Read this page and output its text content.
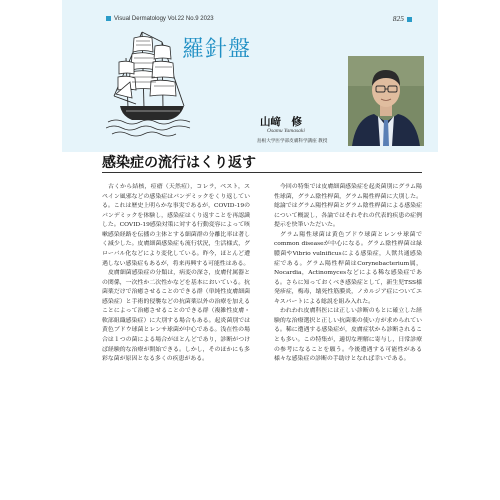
Visual Dermatology Vol.22 No.9 2023	825
羅針盤
山﨑　修
Osamu Yamasaki
島根大学医学部皮膚科学講座 教授
感染症の流行はくり返す

古くから結核，痘瘡（天然痘），コレラ，ペスト，スペイン風邪などの感染症はパンデミックをくり返している。これは歴史上明らかな事実であるが，COVID-19のパンデミックを体験し，感染症はくり返すことを再認識した。COVID-19感染対策に対する行動変容によって咳嗽感染経路を伝播の主体とする細菌群の分離比率は著しく減少した。皮膚細菌感染症も流行状況，生活様式，グローバル化などにより変化している。昨今，ほとんど遭遇しない感染症もあるが，将来再興する可能性はある。

皮膚細菌感染症の分類は，病変の深さ，皮膚付属器との関係，一次性か二次性かなどを基本においている。抗菌薬だけで治癒させることのできる群（単純性皮膚細菌感染症）と手術的侵襲などの抗菌薬以外の治療を加えることによって治癒させることのできる群（複雑性皮膚・軟部組織感染症）に大別する場合もある。起炎菌別では黄色ブドウ球菌とレンサ球菌が中心である。浅在性の場合は１つの菌による場合がほとんどであり，診断がつけば経験的な治療が開始できる。しかし，そのほかにも多彩な菌が原因となる多くの疾患がある。

今回の特集では皮膚細菌感染症を起炎菌別にグラム陽性球菌，グラム陰性桿菌，グラム陽性桿菌に大別した。総論ではグラム陽性桿菌とグラム陰性桿菌による感染症について概説し，各論ではそれぞれの代表的疾患の症例提示を快筆いただいた。

グラム陽性球菌は黄色ブドウ球菌とレンサ球菌でcommon diseaseが中心になる。グラム陰性桿菌は緑膿菌やVibrio vulnificusによる感染症，人獣共通感染症である。グラム陽性桿菌はCorynebacterium属，Nocardia，Actinomycesなどによる稀な感染症である。さらに知っておくべき感染症として，新生児TSS様発疹症，梅毒，壊死性筋膜炎，ノカルジア症についてエキスパートによる総説を組み入れた。

われわれ皮膚科医には正しい診断のもとに確立した経験的な治療選択と正しい抗菌薬の使い方が求められている。稀に遭遇する感染症が，皮膚症状から診断されることも多い。この特集が，適切な理解に寄与し，日常診療の参考になることを願う。今後遭遇する可能性がある様々な感染症の診断の手助けとなれば幸いである。
